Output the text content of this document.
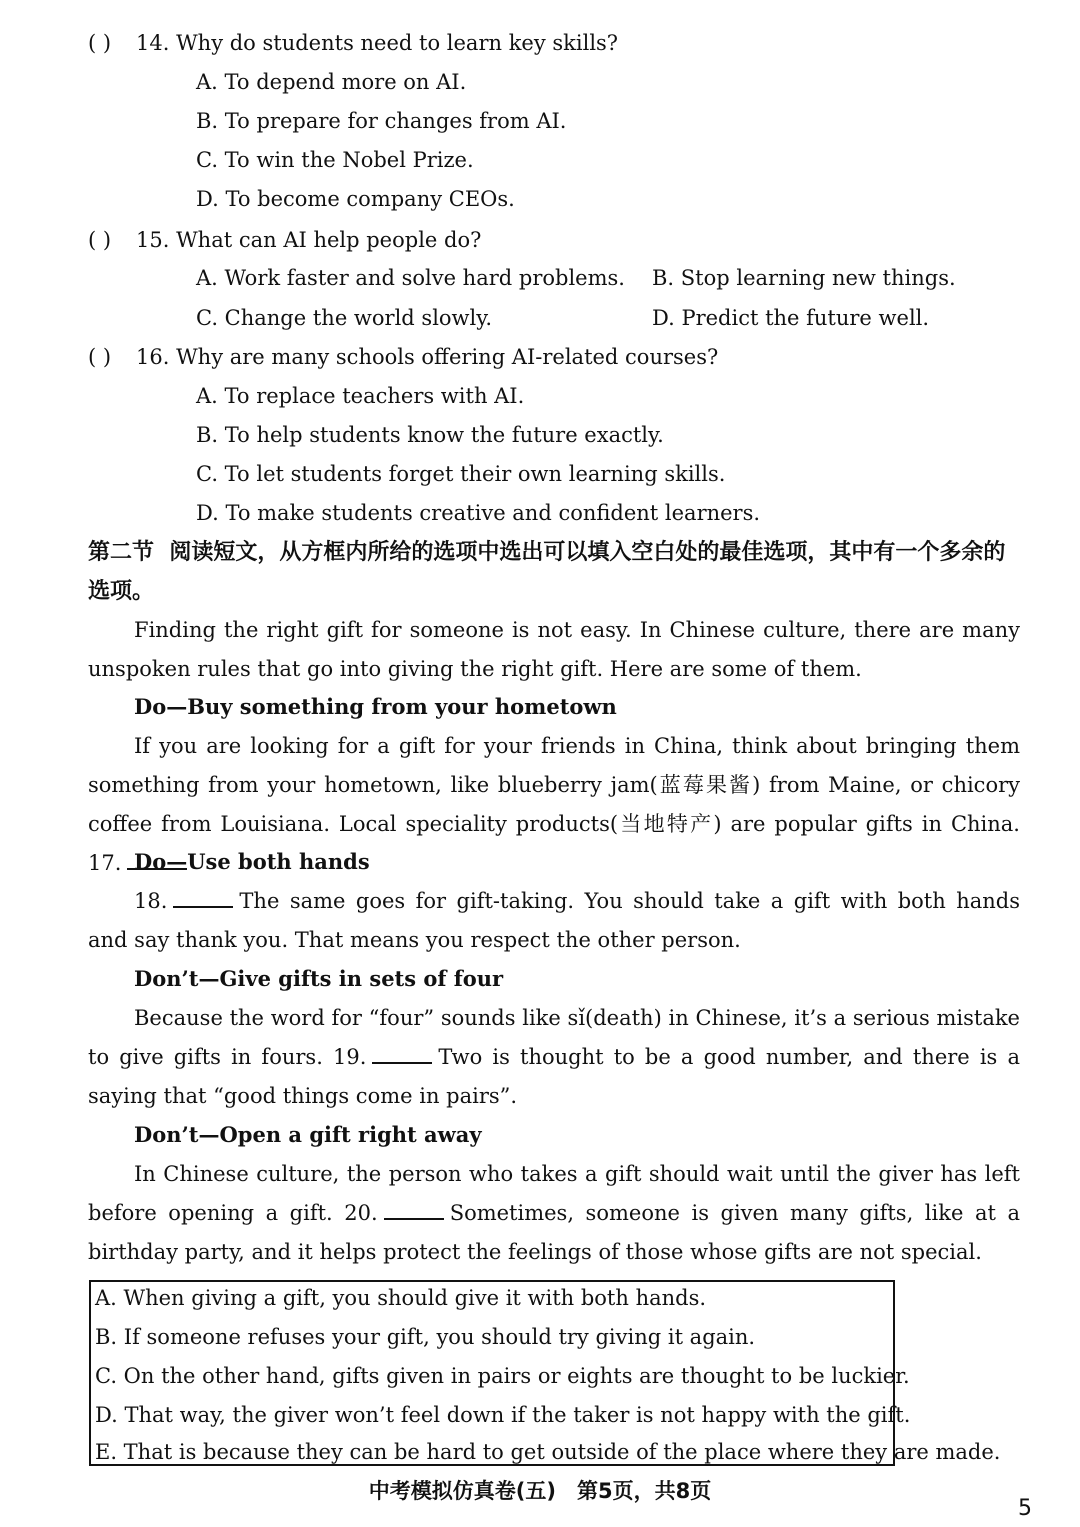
( ) 14. Why do students need to learn key skills?
A. To depend more on AI.
B. To prepare for changes from AI.
C. To win the Nobel Prize.
D. To become company CEOs.
( ) 15. What can AI help people do?
A. Work faster and solve hard problems. B. Stop learning new things.
C. Change the world slowly.	D. Predict the future well.
( ) 16. Why are many schools offering AI-related courses?
A. To replace teachers with AI.
B. To help students know the future exactly.
C. To let students forget their own learning skills.
D. To make students creative and confident learners.
第二节 阅读短文，从方框内所给的选项中选出可以填入空白处的最佳选项，其中有一个多余的选项。
Finding the right gift for someone is not easy. In Chinese culture, there are many unspoken rules that go into giving the right gift. Here are some of them.
Do—Buy something from your hometown
If you are looking for a gift for your friends in China, think about bringing them something from your hometown, like blueberry jam(蓝莓果酱) from Maine, or chicory coffee from Louisiana. Local speciality products(当地特产) are popular gifts in China. 17. Do—Use both hands
18.	The same goes for gift-taking. You should take a gift with both hands and say thank you. That means you respect the other person.
Don’t—Give gifts in sets of four
Because the word for “four” sounds like sǐ(death) in Chinese, it’s a serious mistake to give gifts in fours. 19.	Two is thought to be a good number, and there is a saying that “good things come in pairs”.
Don’t—Open a gift right away
In Chinese culture, the person who takes a gift should wait until the giver has left before opening a gift. 20.	Sometimes, someone is given many gifts, like at a birthday party, and it helps protect the feelings of those whose gifts are not special.
A. When giving a gift, you should give it with both hands.
B. If someone refuses your gift, you should try giving it again.
C. On the other hand, gifts given in pairs or eights are thought to be luckier.
D. That way, the giver won’t feel down if the taker is not happy with the gift.
E. That is because they can be hard to get outside of the place where they are made.
中考模拟仿真卷(五)　第5页，共8页
5
